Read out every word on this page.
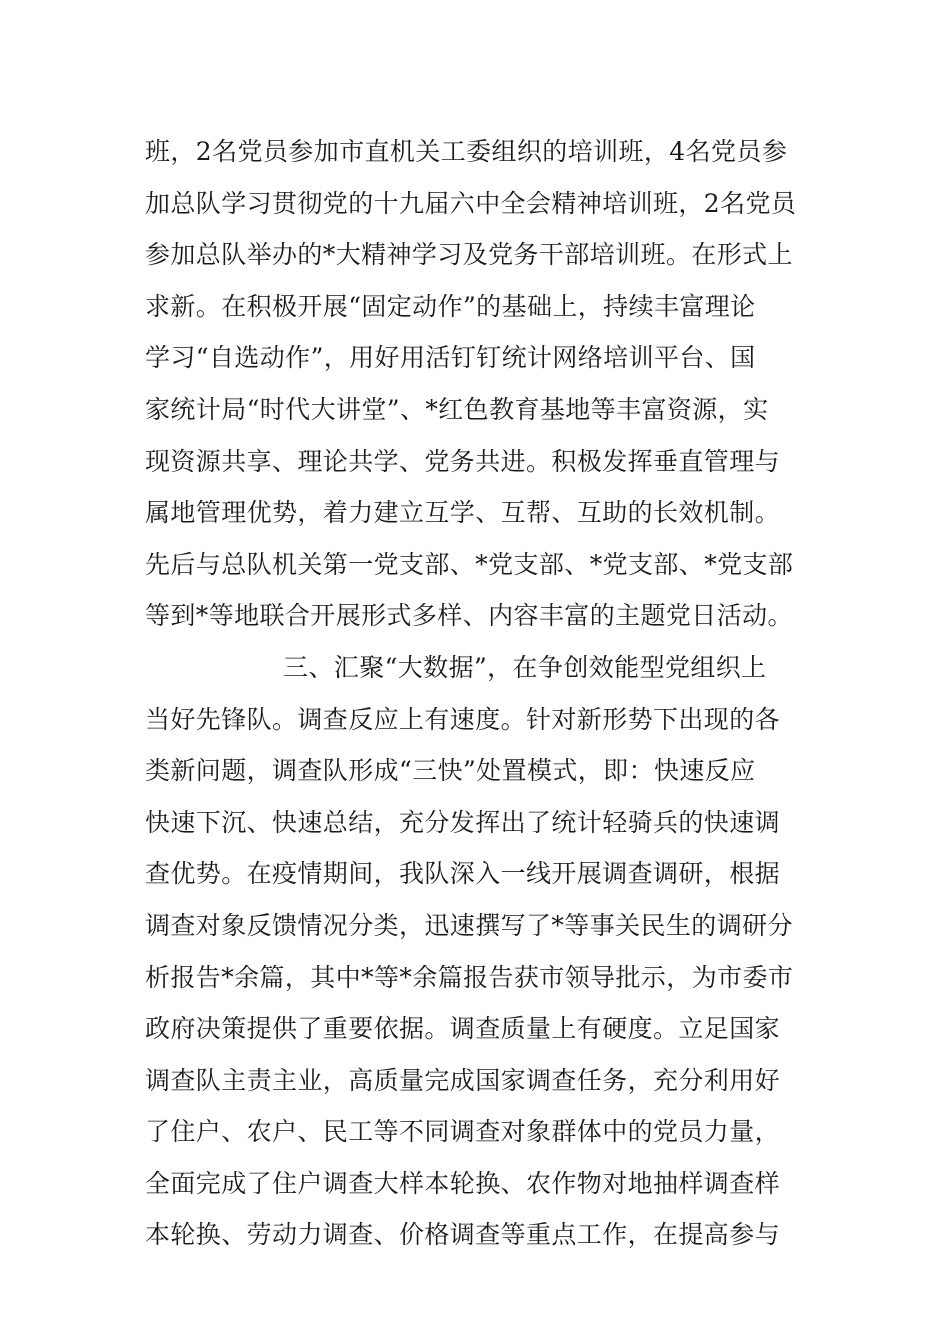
班，2名党员参加市直机关工委组织的培训班，4名党员参
加总队学习贯彻党的十九届六中全会精神培训班，2名党员
参加总队举办的*大精神学习及党务干部培训班。在形式上
求新。在积极开展“固定动作”的基础上，持续丰富理论
学习“自选动作”，用好用活钉钉统计网络培训平台、国
家统计局“时代大讲堂”、*红色教育基地等丰富资源，实
现资源共享、理论共学、党务共进。积极发挥垂直管理与
属地管理优势，着力建立互学、互帮、互助的长效机制。
先后与总队机关第一党支部、*党支部、*党支部、*党支部
等到*等地联合开展形式多样、内容丰富的主题党日活动。
三、汇聚“大数据”，在争创效能型党组织上
当好先锋队。调查反应上有速度。针对新形势下出现的各
类新问题，调查队形成“三快”处置模式，即：快速反应
快速下沉、快速总结，充分发挥出了统计轻骑兵的快速调
查优势。在疫情期间，我队深入一线开展调查调研，根据
调查对象反馈情况分类，迅速撰写了*等事关民生的调研分
析报告*余篇，其中*等*余篇报告获市领导批示，为市委市
政府决策提供了重要依据。调查质量上有硬度。立足国家
调查队主责主业，高质量完成国家调查任务，充分利用好
了住户、农户、民工等不同调查对象群体中的党员力量，
全面完成了住户调查大样本轮换、农作物对地抽样调查样
本轮换、劳动力调查、价格调查等重点工作，在提高参与
